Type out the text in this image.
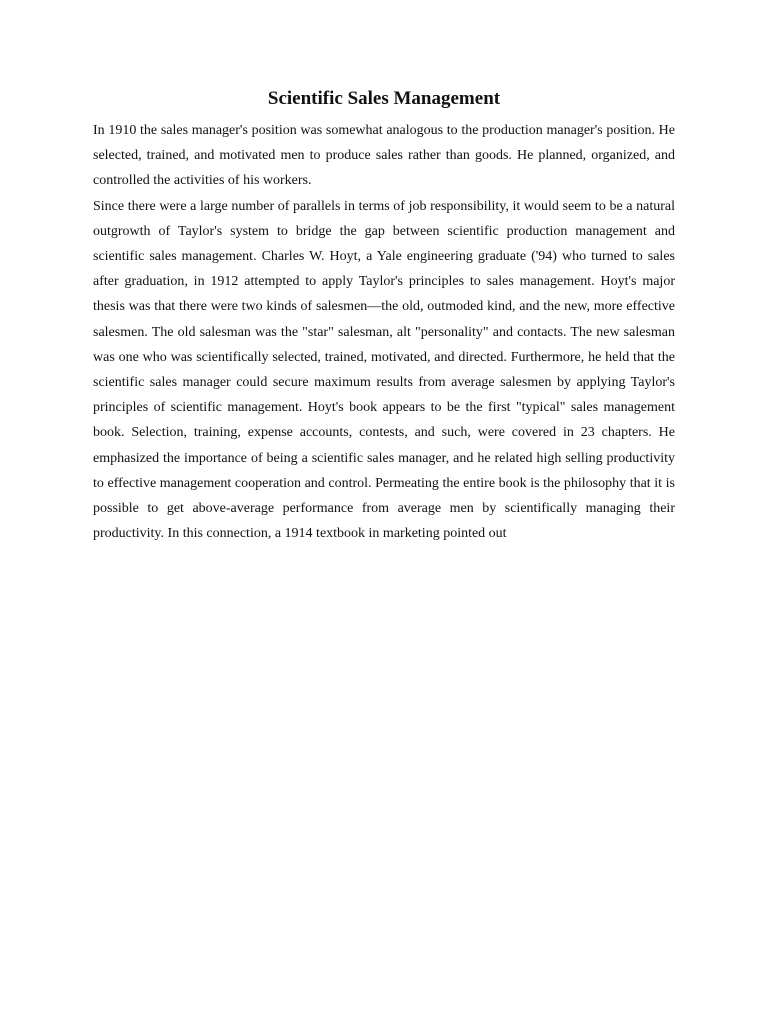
Scientific Sales Management

In 1910 the sales manager's position was somewhat analogous to the production manager's position. He selected, trained, and motivated men to produce sales rather than goods. He planned, organized, and controlled the activities of his workers.

Since there were a large number of parallels in terms of job responsibility, it would seem to be a natural outgrowth of Taylor's system to bridge the gap between scientific production management and scientific sales management. Charles W. Hoyt, a Yale engineering graduate ('94) who turned to sales after graduation, in 1912 attempted to apply Taylor's principles to sales management. Hoyt's major thesis was that there were two kinds of salesmen—the old, outmoded kind, and the new, more effective salesmen. The old salesman was the "star" salesman, alt "personality" and contacts. The new salesman was one who was scientifically selected, trained, motivated, and directed. Furthermore, he held that the scientific sales manager could secure maximum results from average salesmen by applying Taylor's principles of scientific management. Hoyt's book appears to be the first "typical" sales management book. Selection, training, expense accounts, contests, and such, were covered in 23 chapters. He emphasized the importance of being a scientific sales manager, and he related high selling productivity to effective management cooperation and control. Permeating the entire book is the philosophy that it is possible to get above-average performance from average men by scientifically managing their productivity. In this connection, a 1914 textbook in marketing pointed out
